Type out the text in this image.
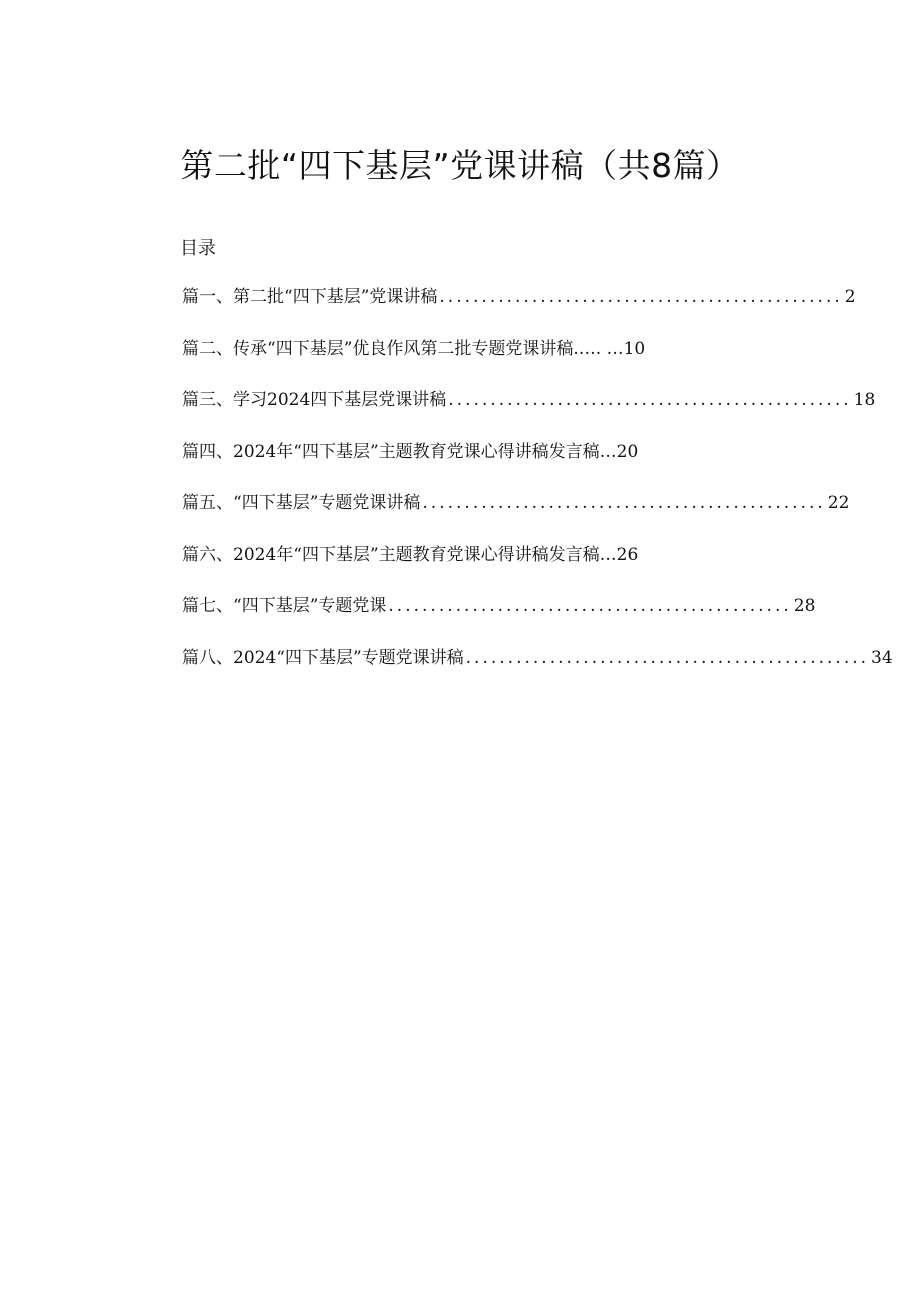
第二批“四下基层”党课讲稿（共8篇）
目录
篇一、第二批“四下基层”党课讲稿 ................................................ 2
篇二、传承“四下基层”优良作风第二批专题党课讲稿 .…. … 10
篇三、学习2024四下基层党课讲稿 ................................................ 18
篇四、2024年“四下基层”主题教育党课心得讲稿发言稿 … 20
篇五、“四下基层”专题党课讲稿 ................................................ 22
篇六、2024年“四下基层”主题教育党课心得讲稿发言稿 … 26
篇七、“四下基层”专题党课 ................................................ 28
篇八、2024“四下基层”专题党课讲稿 ................................................ 34
